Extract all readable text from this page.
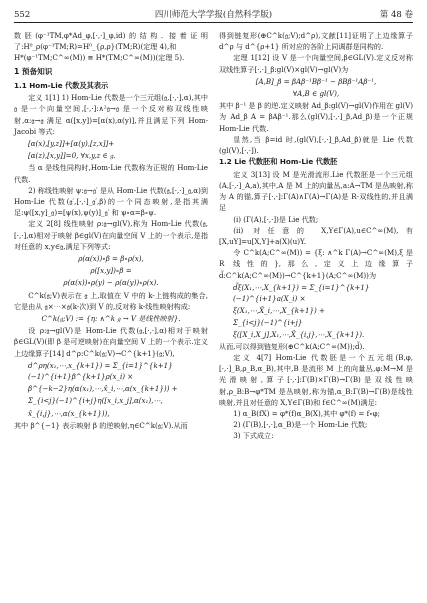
552	四川师范大学学报(自然科学版)	第 48 卷

数胚(φ⁻¹TM,φ*Ad_φ,[·,·]_φ,id)的结构. 接着证明了:H⁰_ρ(φ⁻¹TM;R)=H⁰_{ρ,ρ}(TM;R)(定理 4),和

H*(φ⁻¹TM;C^∞(M)) ≅ H*(TM;C^∞(M))(定理 5).

1 预备知识
1.1 Hom-Lie 代数及其表示

定义 1[1] 1) Hom-Lie 代数是一个三元组(𝔤,[·,·],α),其中 𝔤 是一个向量空间,[·,·]:∧²𝔤→𝔤 是一个反对称双线性映射,α:𝔤→𝔤 满足 α([x,y])=[α(x),α(y)],并且满足下列 Hom-Jacobi 等式:

[α(x),[y,z]]+[α(y),[z,x]]+

[α(z),[x,y]]=0, ∀x,y,z ∈ 𝔤.

当 α 是线性同构时,Hom-Lie 代数称为正规的 Hom-Lie 代数.

2) 称线性映射 ψ:𝔤→𝔤′ 是从 Hom-Lie 代数(𝔤,[·,·]_𝔤,α)到 Hom-Lie 代数(𝔤′,[·,·]_𝔤′,β)的一个同态映射,是指其满足:ψ([x,y]_𝔤)=[ψ(x),ψ(y)]_𝔤′ 和 ψ∘α=β∘ψ.

定义 2[8] 线性映射 ρ:𝔤→gl(V),称为 Hom-Lie 代数(𝔤,[·,·],α)相对于映射 β∈gl(V)在向量空间 V 上的一个表示,是指对任意的 x,y∈𝔤,满足下列等式:

ρ(α(x))∘β = β∘ρ(x),

ρ([x,y])∘β =

ρ(α(x))∘ρ(y) − ρ(α(y))∘ρ(x).

C^k(𝔤;V)表示在 𝔤 上,取值在 V 中的 k-上链构成的集合,它是由从 𝔤×⋯×𝔤(k-次)到 V 的,反对称 k-线性映射构成:

C^k(𝔤;V) := {η: ∧^k 𝔤 → V 是线性映射}.

设 ρ:𝔤→gl(V)是 Hom-Lie 代数(𝔤,[·,·],α)相对于映射 β∈GL(V)(即 β 是可逆映射)在向量空间 V 上的一个表示.定义上边缘算子[14] d^ρ:C^k(𝔤;V)→C^{k+1}(𝔤;V),

d^ρη(x₁,⋯,x_{k+1}) = Σ_{i=1}^{k+1}(−1)^{i+1}β^{k+1}ρ(x_i) ×

β^{−k−2}η(α(x₁),⋯,x̂_i,⋯,α(x_{k+1})) +

Σ_{i<j}(−1)^{i+j}η([x_i,x_j],α(x₁),⋯,

x̂_{i,j},⋯,α(x_{k+1})),

其中 β^{−1} 表示映射 β 的逆映射,η∈C^k(𝔤;V).从而

得到链复形(⊕C^k(𝔤;V);d^ρ),文献[11]证明了上边缘算子 d^ρ 与 d^{ρ+1} 所对应的各阶上同调群是同构的.

定理 1[12] 设 V 是一个向量空间,β∈GL(V).定义反对称双线性算子[·,·]_β:gl(V)×gl(V)→gl(V)为

[A,B]_β = βAβ⁻¹Bβ⁻¹ − βBβ⁻¹Aβ⁻¹,

∀A,B ∈ gl(V),

其中 β⁻¹ 是 β 的逆.定义映射 Ad_β:gl(V)→gl(V)作用在 gl(V)为 Ad_β A = βAβ⁻¹.那么(gl(V),[·,·]_β,Ad_β)是一个正规 Hom-Lie 代数.

显然,当 β=id 时,(gl(V),[·,·]_β,Ad_β)就是 Lie 代数(gl(V),[·,·]).

1.2 Lie 代数胚和 Hom-Lie 代数胚

定义 3[13] 设 M 是光滑流形.Lie 代数胚是一个三元组(A,[·,·]_A,a),其中,A 是 M 上的向量丛,a:A→TM 是丛映射,称为 A 的锚,算子[·,·]:Γ(A)∧Γ(A)→Γ(A)是 R-双线性的,并且满足

(i) (Γ(A),[·,·])是 Lie 代数;

(ii) 对任意的 X,Y∈Γ(A),u∈C^∞(M),有[X,uY]=u[X,Y]+a(X)(u)Y.

令 C^k(A;C^∞(M)) = {ξ: ∧^k Γ(A)→C^∞(M),ξ 是 R 线性的},那么,定义上边缘算子 d̃:C^k(A;C^∞(M))→C^{k+1}(A;C^∞(M))为

d̃ξ(X₁,⋯,X_{k+1}) = Σ_{i=1}^{k+1}(−1)^{i+1}a(X_i) ×

ξ(X₁,⋯,X̂_i,⋯,X_{k+1}) +

Σ_{i<j}(−1)^{i+j}ξ([X_i,X_j],X₁,⋯,X̂_{i,j},⋯,X_{k+1}).

从而,可以得到链复形(⊕C^k(A;C^∞(M));d̃).

定义 4[7] Hom-Lie 代数胚是一个五元组(B,φ,[·,·]_B,ρ_B,α_B),其中,B 是流形 M 上的向量丛,φ:M→M 是光滑映射,算子[·,·]:Γ(B)×Γ(B)→Γ(B)是双线性映射,ρ_B:B→φ*TM 是丛映射,称为锚,α_B:Γ(B)→Γ(B)是线性映射,并且对任意的 X,Y∈Γ(B)和 f∈C^∞(M)满足:

1) α_B(fX) = φ*(f)α_B(X),其中 φ*(f) = f∘φ;

2) (Γ(B),[·,·],α_B)是一个 Hom-Lie 代数;

3) 下式成立:
